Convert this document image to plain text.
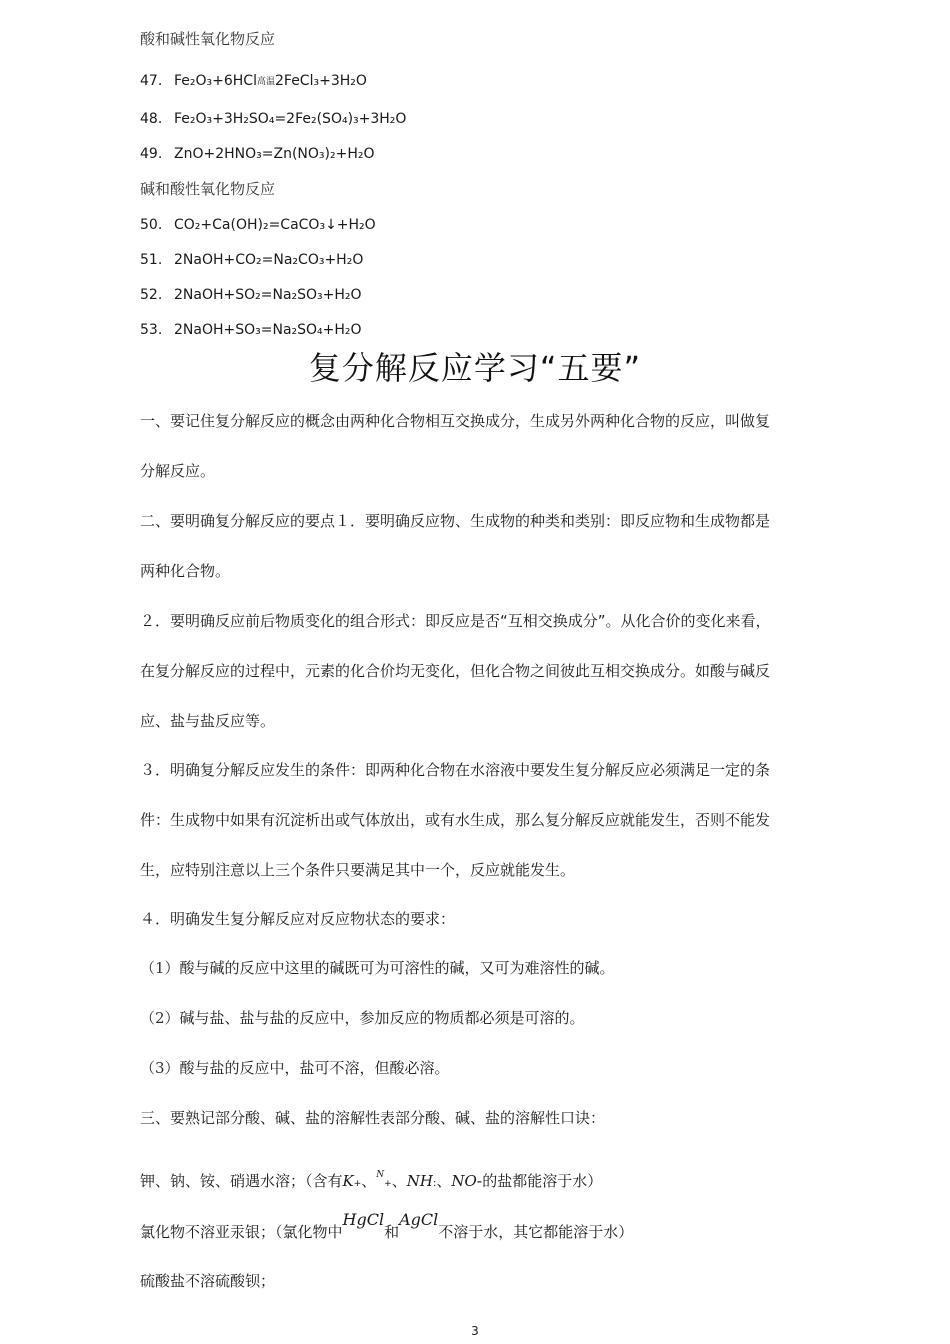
酸和碱性氧化物反应
47. Fe₂O₃+6HCl高温2FeCl₃+3H₂O
48. Fe₂O₃+3H₂SO₄=2Fe₂(SO₄)₃+3H₂O
49. ZnO+2HNO₃=Zn(NO₃)₂+H₂O
碱和酸性氧化物反应
50. CO₂+Ca(OH)₂=CaCO₃↓+H₂O
51. 2NaOH+CO₂=Na₂CO₃+H₂O
52. 2NaOH+SO₂=Na₂SO₃+H₂O
53. 2NaOH+SO₃=Na₂SO₄+H₂O
复分解反应学习“五要”
一、要记住复分解反应的概念由两种化合物相互交换成分，生成另外两种化合物的反应，叫做复
分解反应。
二、要明确复分解反应的要点１．要明确反应物、生成物的种类和类别：即反应物和生成物都是
两种化合物。
２．要明确反应前后物质变化的组合形式：即反应是否“互相交换成分”。从化合价的变化来看，
在复分解反应的过程中，元素的化合价均无变化，但化合物之间彼此互相交换成分。如酸与碱反
应、盐与盐反应等。
３．明确复分解反应发生的条件：即两种化合物在水溶液中要发生复分解反应必须满足一定的条
件：生成物中如果有沉淀析出或气体放出，或有水生成，那么复分解反应就能发生，否则不能发
生，应特别注意以上三个条件只要满足其中一个，反应就能发生。
４．明确发生复分解反应对反应物状态的要求：
（1）酸与碱的反应中这里的碱既可为可溶性的碱，又可为难溶性的碱。
（2）碱与盐、盐与盐的反应中，参加反应的物质都必须是可溶的。
（3）酸与盐的反应中，盐可不溶，但酸必溶。
三、要熟记部分酸、碱、盐的溶解性表部分酸、碱、盐的溶解性口诀：
钾、钠、铵、硝遇水溶；（含有K+、$^N$+、NH:、NO-的盐都能溶于水）
氯化物不溶亚汞银；（氯化物中HgCl和AgCl不溶于水，其它都能溶于水）
硫酸盐不溶硫酸钡；
3
